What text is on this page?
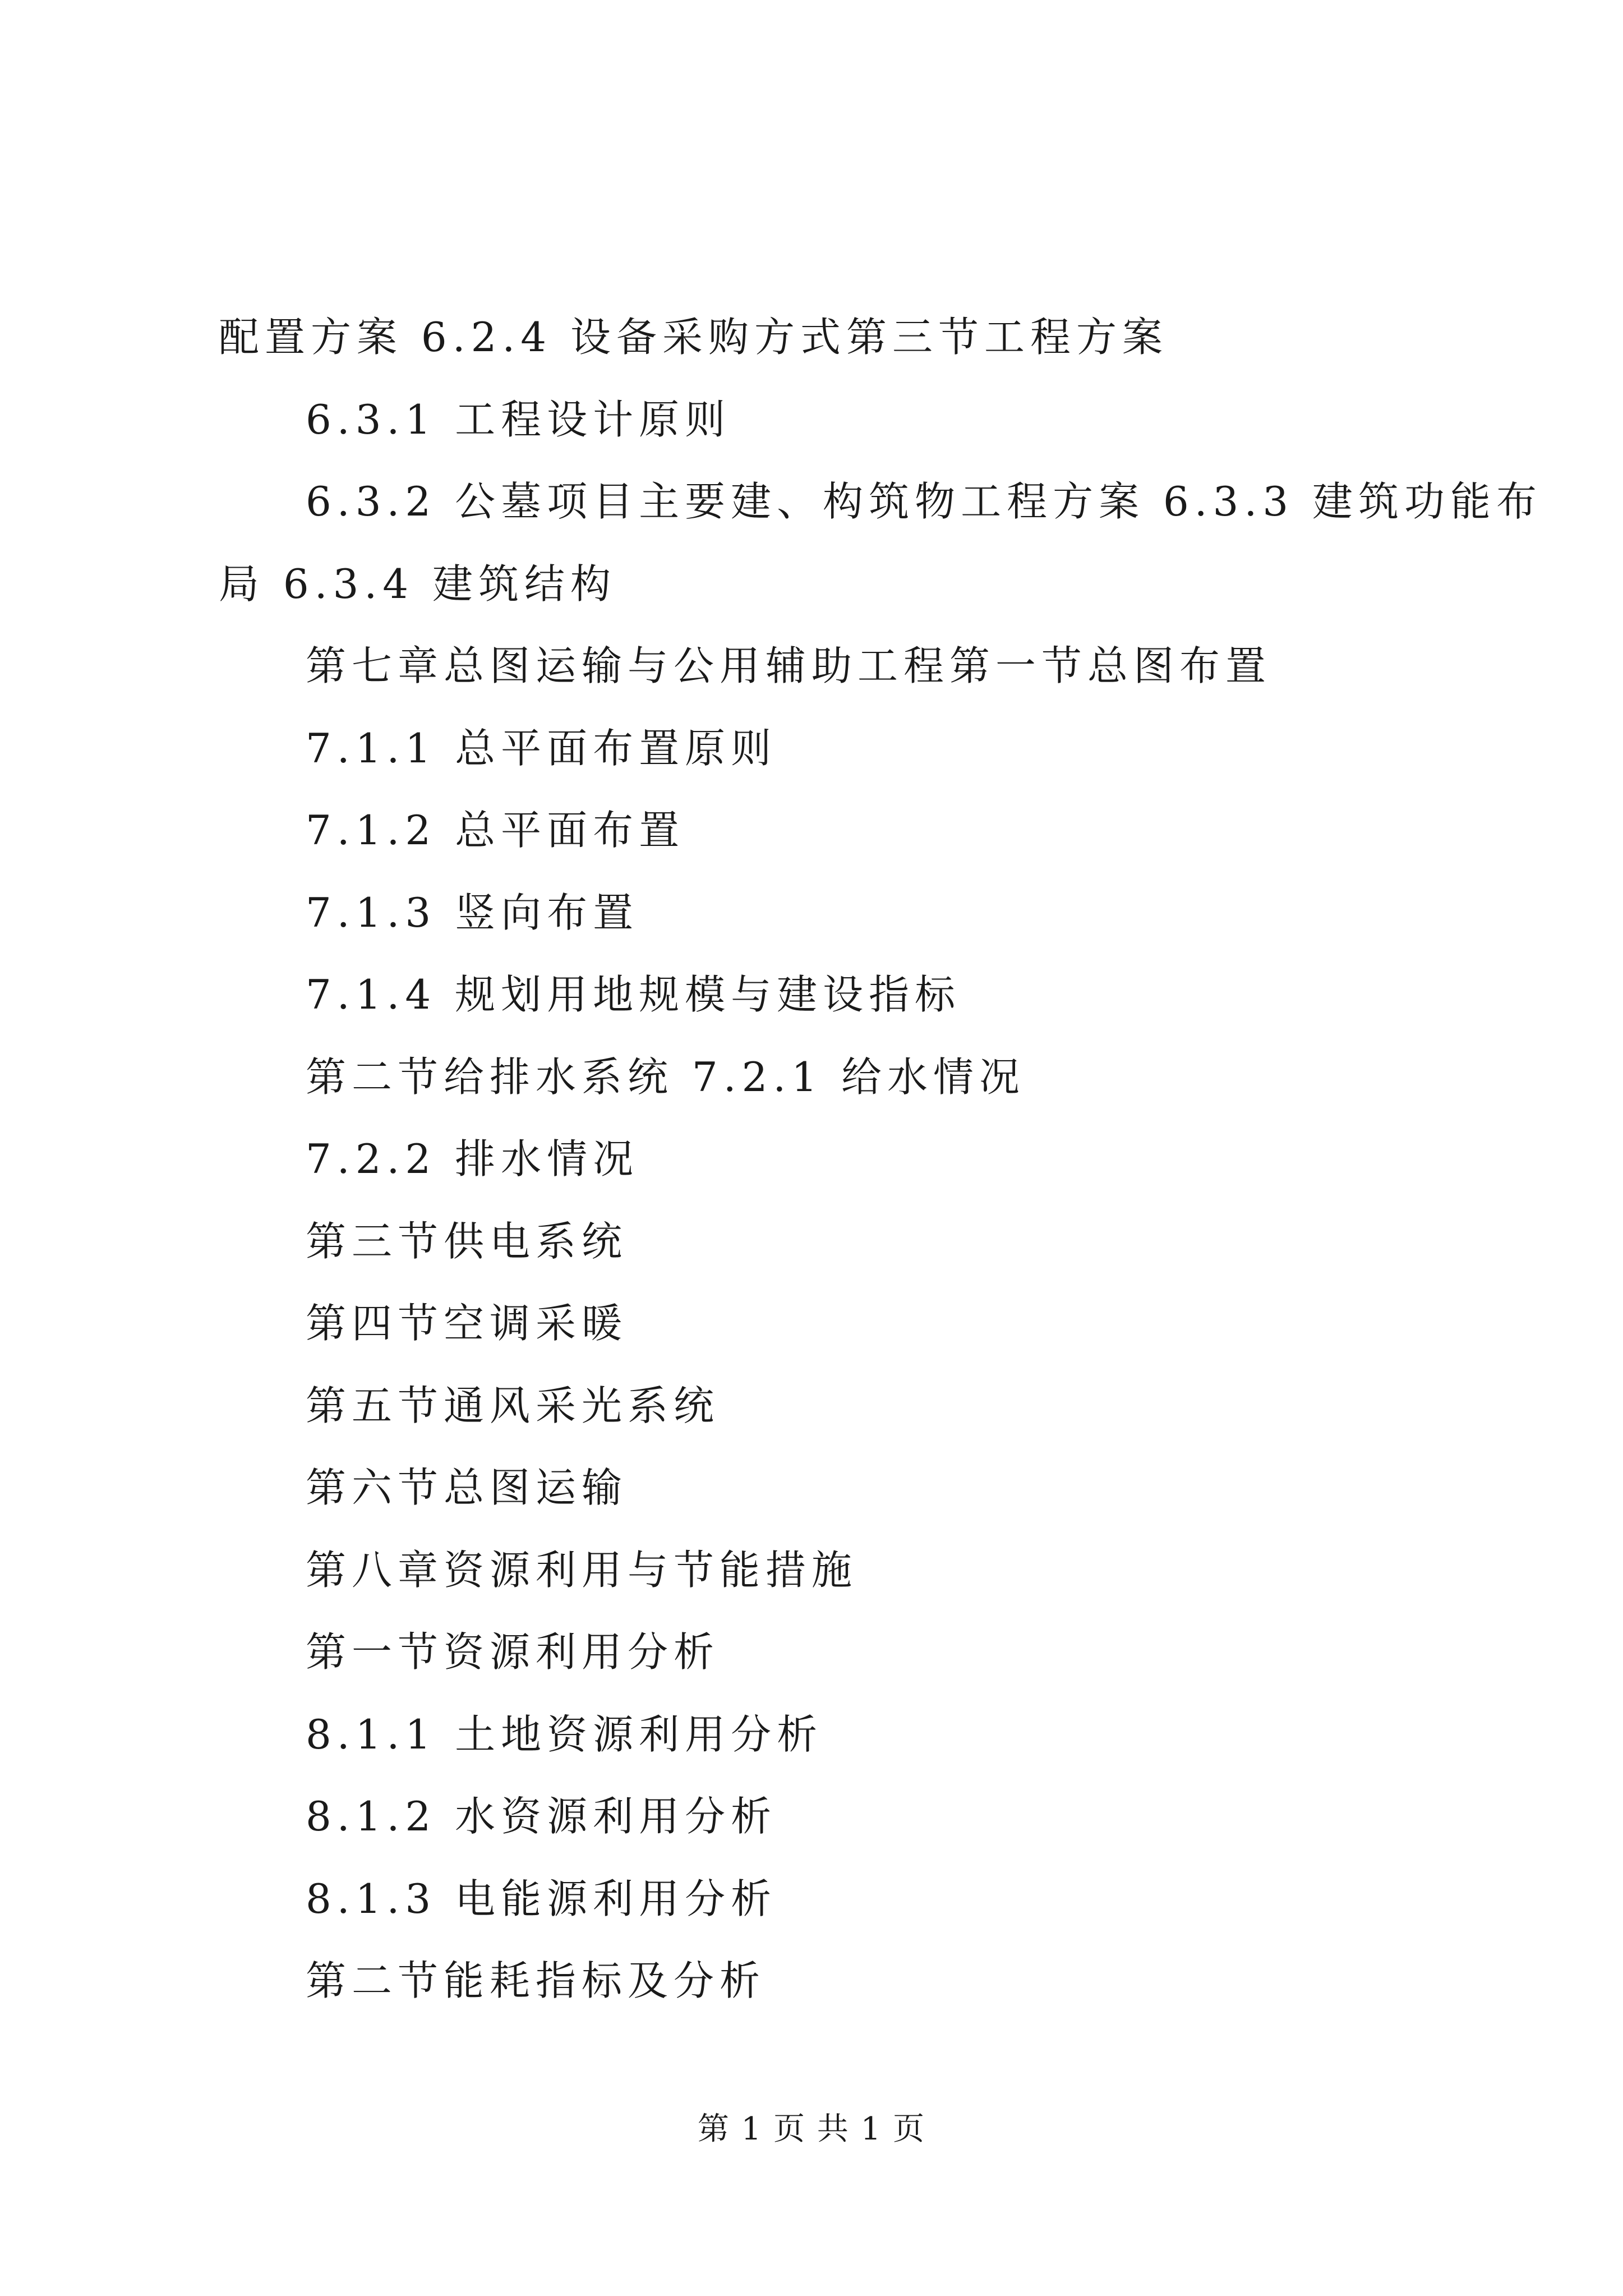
配置方案 6.2.4 设备采购方式第三节工程方案
6.3.1 工程设计原则
6.3.2 公墓项目主要建、构筑物工程方案 6.3.3 建筑功能布
局 6.3.4 建筑结构
第七章总图运输与公用辅助工程第一节总图布置
7.1.1 总平面布置原则
7.1.2 总平面布置
7.1.3 竖向布置
7.1.4 规划用地规模与建设指标
第二节给排水系统 7.2.1 给水情况
7.2.2 排水情况
第三节供电系统
第四节空调采暖
第五节通风采光系统
第六节总图运输
第八章资源利用与节能措施
第一节资源利用分析
8.1.1 土地资源利用分析
8.1.2 水资源利用分析
8.1.3 电能源利用分析
第二节能耗指标及分析
第 1 页 共 1 页
